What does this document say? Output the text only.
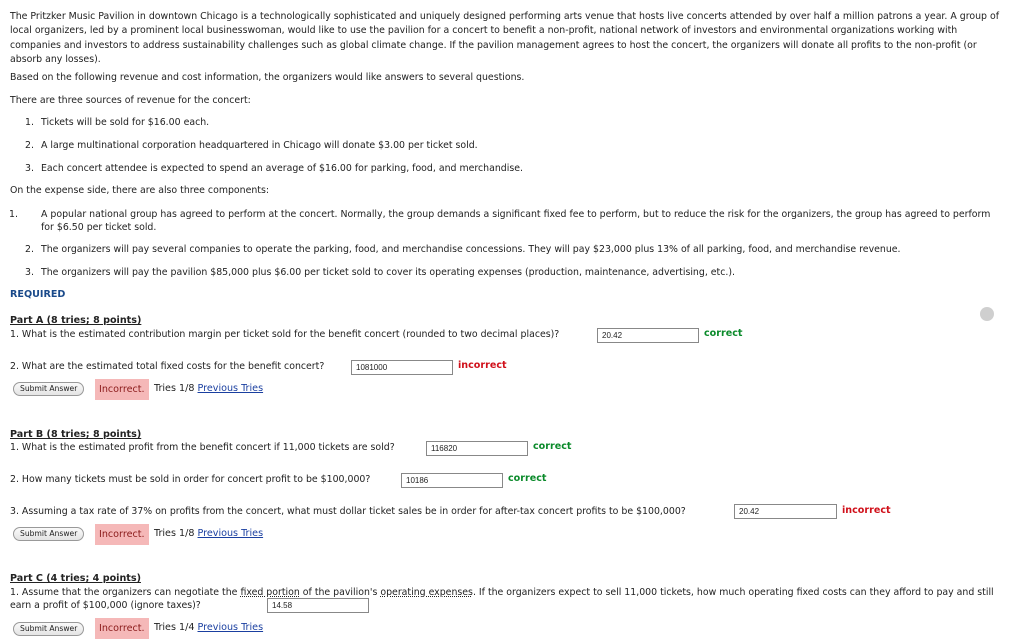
The Pritzker Music Pavilion in downtown Chicago is a technologically sophisticated and uniquely designed performing arts venue that hosts live concerts attended by over half a million patrons a year. A group of local organizers, led by a prominent local businesswoman, would like to use the pavilion for a concert to benefit a non-profit, national network of investors and environmental organizations working with companies and investors to address sustainability challenges such as global climate change. If the pavilion management agrees to host the concert, the organizers will donate all profits to the non-profit (or absorb any losses).

Based on the following revenue and cost information, the organizers would like answers to several questions.

There are three sources of revenue for the concert:

1. Tickets will be sold for $16.00 each.
2. A large multinational corporation headquartered in Chicago will donate $3.00 per ticket sold.
3. Each concert attendee is expected to spend an average of $16.00 for parking, food, and merchandise.

On the expense side, there are also three components:

1. A popular national group has agreed to perform at the concert. Normally, the group demands a significant fixed fee to perform, but to reduce the risk for the organizers, the group has agreed to perform for $6.50 per ticket sold.
2. The organizers will pay several companies to operate the parking, food, and merchandise concessions. They will pay $23,000 plus 13% of all parking, food, and merchandise revenue.
3. The organizers will pay the pavilion $85,000 plus $6.00 per ticket sold to cover its operating expenses (production, maintenance, advertising, etc.).
REQUIRED
Part A (8 tries; 8 points)
1. What is the estimated contribution margin per ticket sold for the benefit concert (rounded to two decimal places)?
20.42	correct
2. What are the estimated total fixed costs for the benefit concert?
1081000	incorrect
Submit Answer	Incorrect. Tries 1/8 Previous Tries
Part B (8 tries; 8 points)
1. What is the estimated profit from the benefit concert if 11,000 tickets are sold?
116820	correct
2. How many tickets must be sold in order for concert profit to be $100,000?
10186	correct
3. Assuming a tax rate of 37% on profits from the concert, what must dollar ticket sales be in order for after-tax concert profits to be $100,000?
20.42	incorrect
Submit Answer	Incorrect. Tries 1/8 Previous Tries
Part C (4 tries; 4 points)
1. Assume that the organizers can negotiate the fixed portion of the pavilion's operating expenses. If the organizers expect to sell 11,000 tickets, how much operating fixed costs can they afford to pay and still earn a profit of $100,000 (ignore taxes)?
14.58
Submit Answer	Incorrect. Tries 1/4 Previous Tries
